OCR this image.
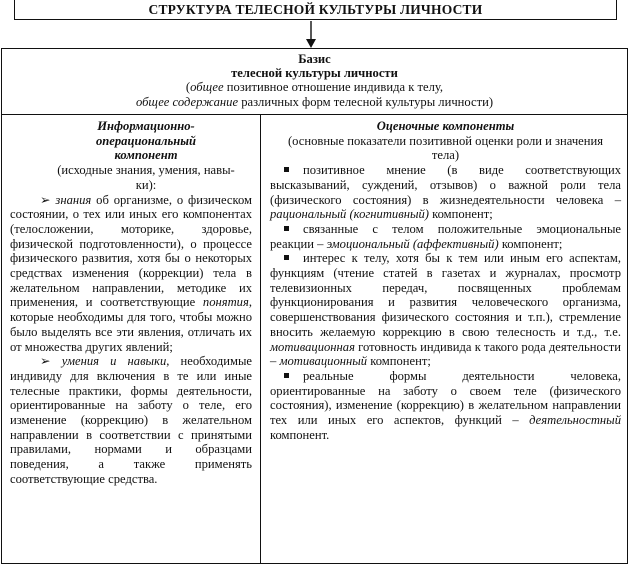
СТРУКТУРА ТЕЛЕСНОЙ КУЛЬТУРЫ ЛИЧНОСТИ
Базис
телесной культуры личности
(общее позитивное отношение индивида к телу,
общее содержание различных форм телесной культуры личности)
Информационно-
операциональный
компонент
(исходные знания, умения, навы-
ки):
➢ знания об организме, о физическом состоянии, о тех или иных его компонентах (телосложении, моторике, здоровье, физической подготовленности), о процессе физического развития, хотя бы о некоторых средствах изменения (коррекции) тела в желательном направлении, методике их применения, и соответствующие понятия, которые необходимы для того, чтобы можно было выделять все эти явления, отличать их от множества других явлений;
➢ умения и навыки, необходимые индивиду для включения в те или иные телесные практики, формы деятельности, ориентированные на заботу о теле, его изменение (коррекцию) в желательном направлении в соответствии с принятыми правилами, нормами и образцами поведения, а также применять соответствующие средства.
Оценочные компоненты
(основные показатели позитивной оценки роли и значения тела)
позитивное мнение (в виде соответствующих высказываний, суждений, отзывов) о важной роли тела (физического состояния) в жизнедеятельности человека – рациональный (когнитивный) компонент;
связанные с телом положительные эмоциональные реакции – эмоциональный (аффективный) компонент;
интерес к телу, хотя бы к тем или иным его аспектам, функциям (чтение статей в газетах и журналах, просмотр телевизионных передач, посвященных проблемам функционирования и развития человеческого организма, совершенствования физического состояния и т.п.), стремление вносить желаемую коррекцию в свою телесность и т.д., т.е. мотивационная готовность индивида к такого рода деятельности – мотивационный компонент;
реальные формы деятельности человека, ориентированные на заботу о своем теле (физического состояния), изменение (коррекцию) в желательном направлении тех или иных его аспектов, функций – деятельностный компонент.
